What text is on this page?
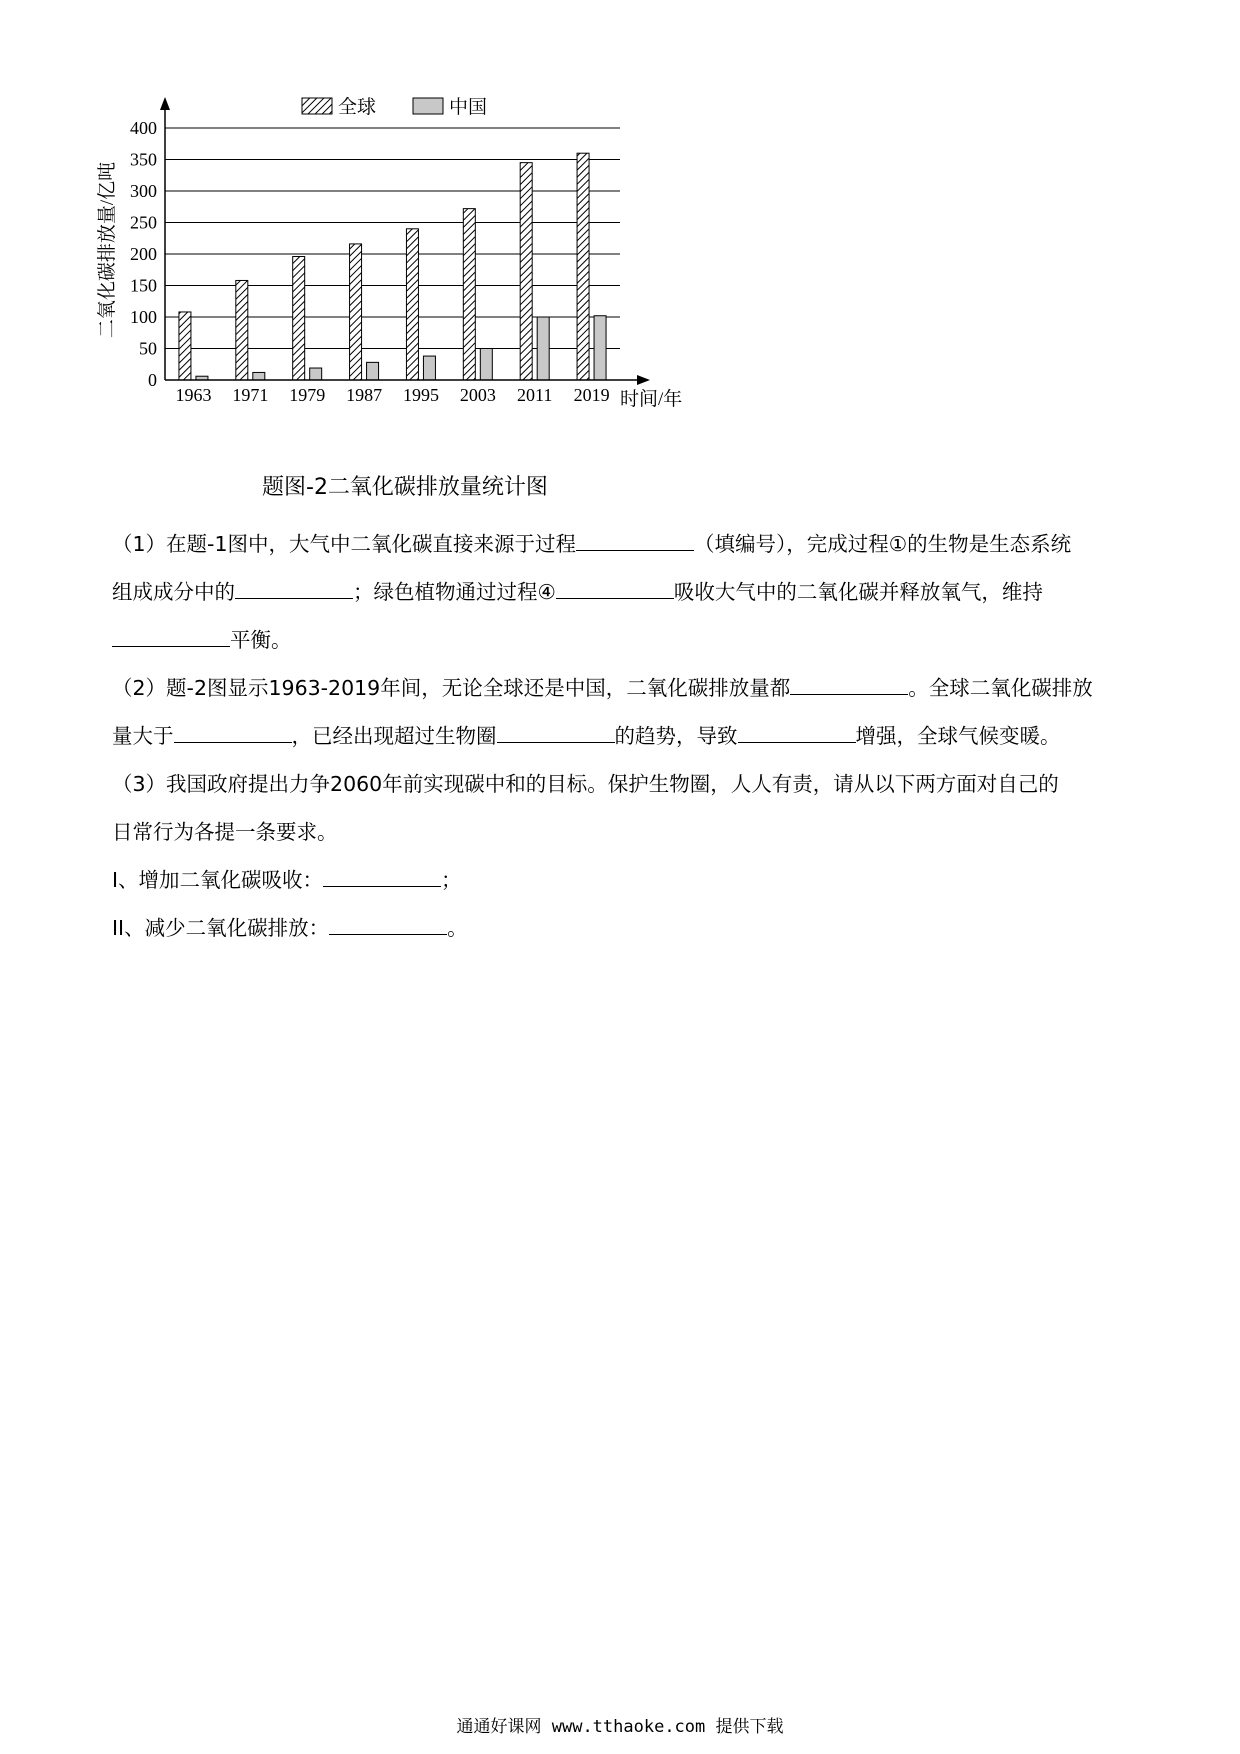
0
50
100
150
200
250
300
350
400
1963 1971 1979 1987 1995 2003 2011 2019 时间/年
二氧化碳排放量/亿吨
全球	中国
题图-2二氧化碳排放量统计图
（1）在题-1图中，大气中二氧化碳直接来源于过程	（填编号），完成过程①的生物是生态系统
组成成分中的	；绿色植物通过过程④	吸收大气中的二氧化碳并释放氧气，维持
平衡。
（2）题-2图显示1963-2019年间，无论全球还是中国，二氧化碳排放量都	。全球二氧化碳排放
量大于	，已经出现超过生物圈	的趋势，导致	增强，全球气候变暖。
（3）我国政府提出力争2060年前实现碳中和的目标。保护生物圈，人人有责，请从以下两方面对自己的
日常行为各提一条要求。
I、增加二氧化碳吸收：	；
II、减少二氧化碳排放：	。
通通好课网 www.tthaoke.com 提供下载
